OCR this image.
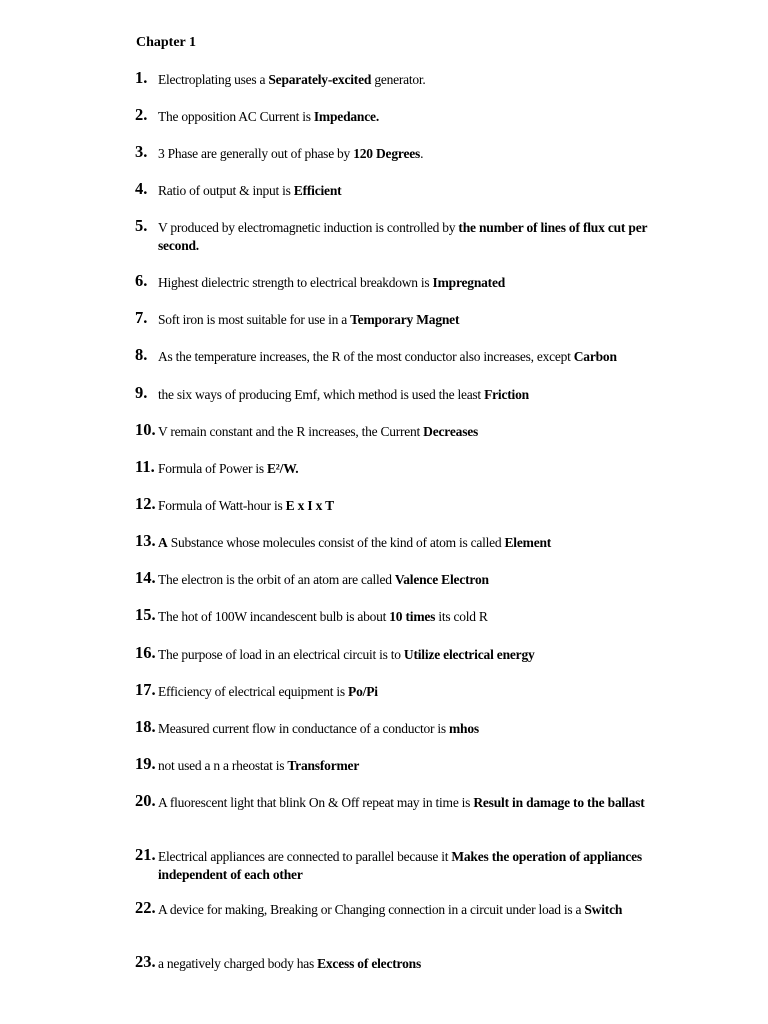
Chapter 1
1. Electroplating uses a Separately-excited generator.
2. The opposition AC Current is Impedance.
3. 3 Phase are generally out of phase by 120 Degrees.
4. Ratio of output & input is Efficient
5. V produced by electromagnetic induction is controlled by the number of lines of flux cut per second.
6. Highest dielectric strength to electrical breakdown is Impregnated
7. Soft iron is most suitable for use in a Temporary Magnet
8. As the temperature increases, the R of the most conductor also increases, except Carbon
9. the six ways of producing Emf, which method is used the least Friction
10. V remain constant and the R increases, the Current Decreases
11. Formula of Power is E²/W.
12. Formula of Watt-hour is E x I x T
13. A Substance whose molecules consist of the kind of atom is called Element
14. The electron is the orbit of an atom are called Valence Electron
15. The hot of 100W incandescent bulb is about 10 times its cold R
16. The purpose of load in an electrical circuit is to Utilize electrical energy
17. Efficiency of electrical equipment is Po/Pi
18. Measured current flow in conductance of a conductor is mhos
19. not used a n a rheostat is Transformer
20. A fluorescent light that blink On & Off repeat may in time is Result in damage to the ballast
21. Electrical appliances are connected to parallel because it Makes the operation of appliances independent of each other
22. A device for making, Breaking or Changing connection in a circuit under load is a Switch
23. a negatively charged body has Excess of electrons
